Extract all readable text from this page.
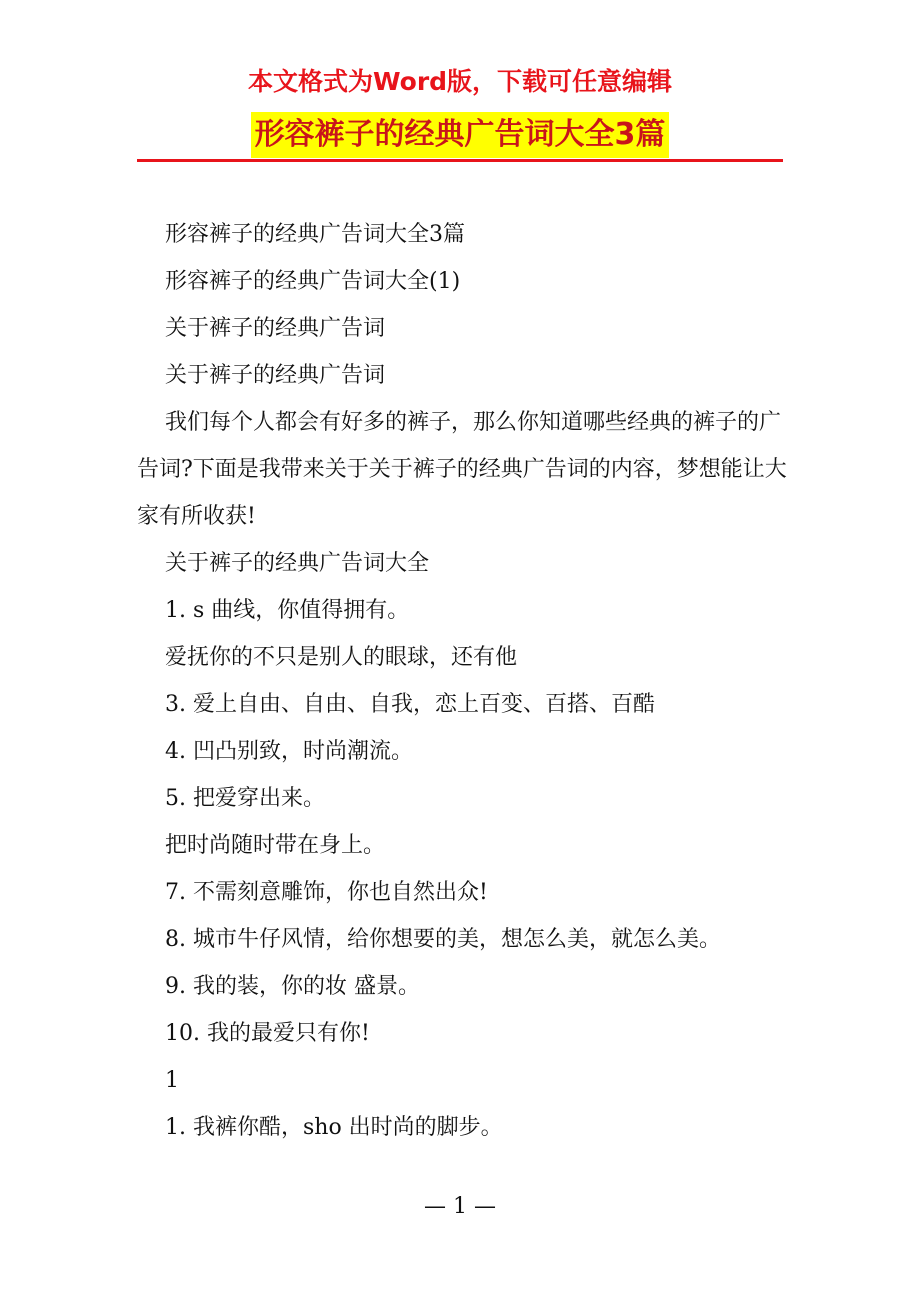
本文格式为Word版，下载可任意编辑
形容裤子的经典广告词大全3篇

形容裤子的经典广告词大全3篇

形容裤子的经典广告词大全(1)

关于裤子的经典广告词

关于裤子的经典广告词

我们每个人都会有好多的裤子，那么你知道哪些经典的裤子的广告词?下面是我带来关于关于裤子的经典广告词的内容，梦想能让大家有所收获!

关于裤子的经典广告词大全

1. s 曲线，你值得拥有。

爱抚你的不只是别人的眼球，还有他

3. 爱上自由、自由、自我，恋上百变、百搭、百酷

4. 凹凸别致，时尚潮流。

5. 把爱穿出来。

把时尚随时带在身上。

7. 不需刻意雕饰，你也自然出众!

8. 城市牛仔风情，给你想要的美，想怎么美，就怎么美。

9. 我的装，你的妆 盛景。

10. 我的最爱只有你!

1

1. 我裤你酷，sho 出时尚的脚步。

— 1 —
